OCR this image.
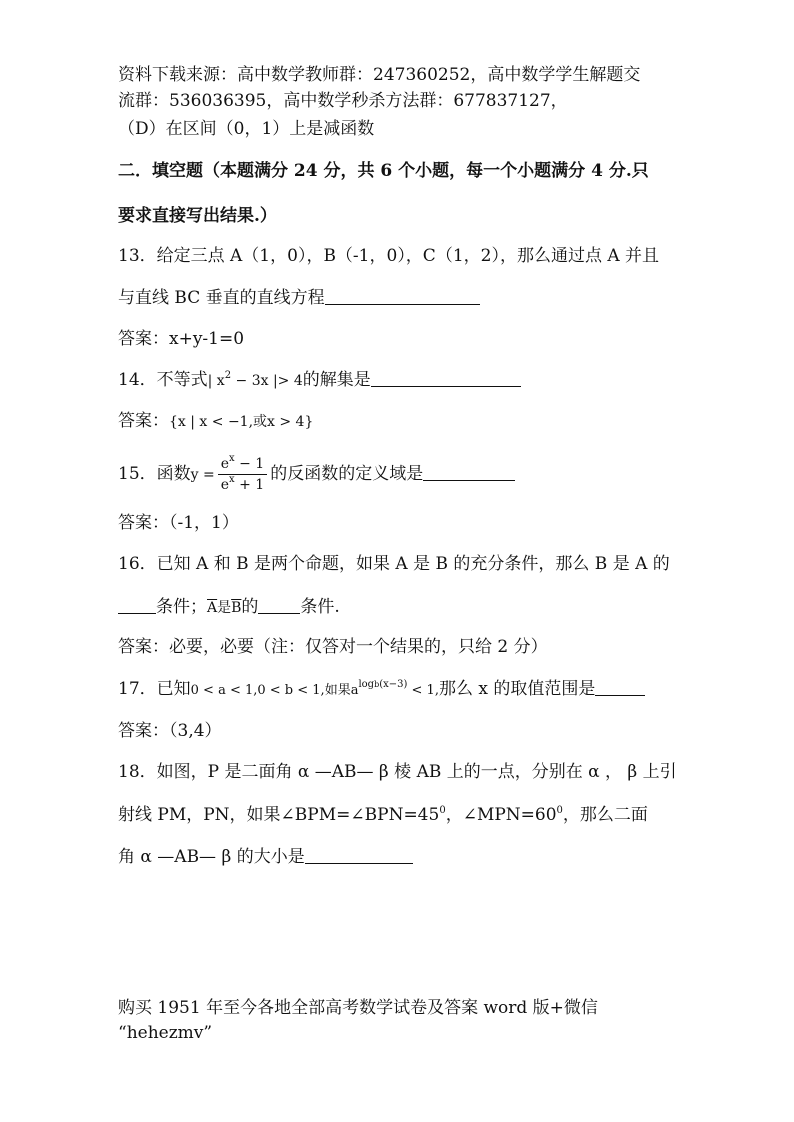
资料下载来源：高中数学教师群：247360252，高中数学学生解题交
流群：536036395，高中数学秒杀方法群：677837127，
（D）在区间（0，1）上是减函数
二．填空题（本题满分 24 分，共 6 个小题，每一个小题满分 4 分.只
要求直接写出结果.）
13．给定三点 A（1，0），B（-1，0），C（1，2），那么通过点 A 并且
与直线 BC 垂直的直线方程
答案：x+y-1=0
14．不等式| $x^2 - 3x$ |> 4的解集是
答案：{x | x < −1,或x > 4}
15．函数$y = \frac{e^x - 1}{e^x + 1}$ 的反函数的定义域是
答案：（-1，1）
16．已知 A 和 B 是两个命题，如果 A 是 B 的充分条件，那么 B 是 A 的
条件；$\overline{A}$是$\overline{B}$的 条件.
答案：必要，必要（注：仅答对一个结果的，只给 2 分）
17．已知0 < a < 1,0 < b < 1,如果$a^{logb(x-3)} < 1$,那么 x 的取值范围是
答案：（3,4）
18．如图，P 是二面角 α —AB— β 棱 AB 上的一点，分别在 α ， β 上引
射线 PM，PN，如果$\angle BPM=\angle BPN=45^0$，$\angle MPN=60^0$，那么二面
角 α —AB— β 的大小是
购买 1951 年至今各地全部高考数学试卷及答案 word 版+微信
“hehezmv”
